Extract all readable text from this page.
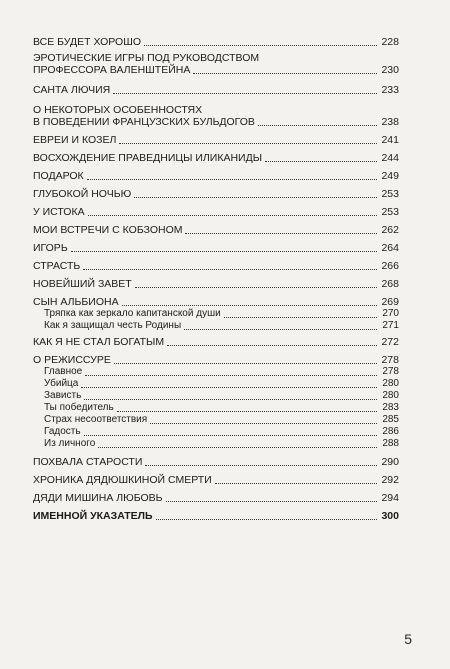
ВСЕ БУДЕТ ХОРОШО	228
ЭРОТИЧЕСКИЕ ИГРЫ ПОД РУКОВОДСТВОМ
ПРОФЕССОРА ВАЛЕНШТЕЙНА	230
САНТА ЛЮЧИЯ	233
О НЕКОТОРЫХ ОСОБЕННОСТЯХ
В ПОВЕДЕНИИ ФРАНЦУЗСКИХ БУЛЬДОГОВ	238
ЕВРЕИ И КОЗЕЛ	241
ВОСХОЖДЕНИЕ ПРАВЕДНИЦЫ ИЛИКАНИДЫ	244
ПОДАРОК	249
ГЛУБОКОЙ НОЧЬЮ	253
У ИСТОКА	253
МОИ ВСТРЕЧИ С КОБЗОНОМ	262
ИГОРЬ	264
СТРАСТЬ	266
НОВЕЙШИЙ ЗАВЕТ	268
СЫН АЛЬБИОНА	269
Тряпка как зеркало капитанской души	270
Как я защищал честь Родины	271
КАК Я НЕ СТАЛ БОГАТЫМ	272
О РЕЖИССУРЕ	278
Главное	278
Убийца	280
Зависть	280
Ты победитель	283
Страх несоответствия	285
Гадость	286
Из личного	288
ПОХВАЛА СТАРОСТИ	290
ХРОНИКА ДЯДЮШКИНОЙ СМЕРТИ	292
ДЯДИ МИШИНА ЛЮБОВЬ	294
ИМЕННОЙ УКАЗАТЕЛЬ	300
5
